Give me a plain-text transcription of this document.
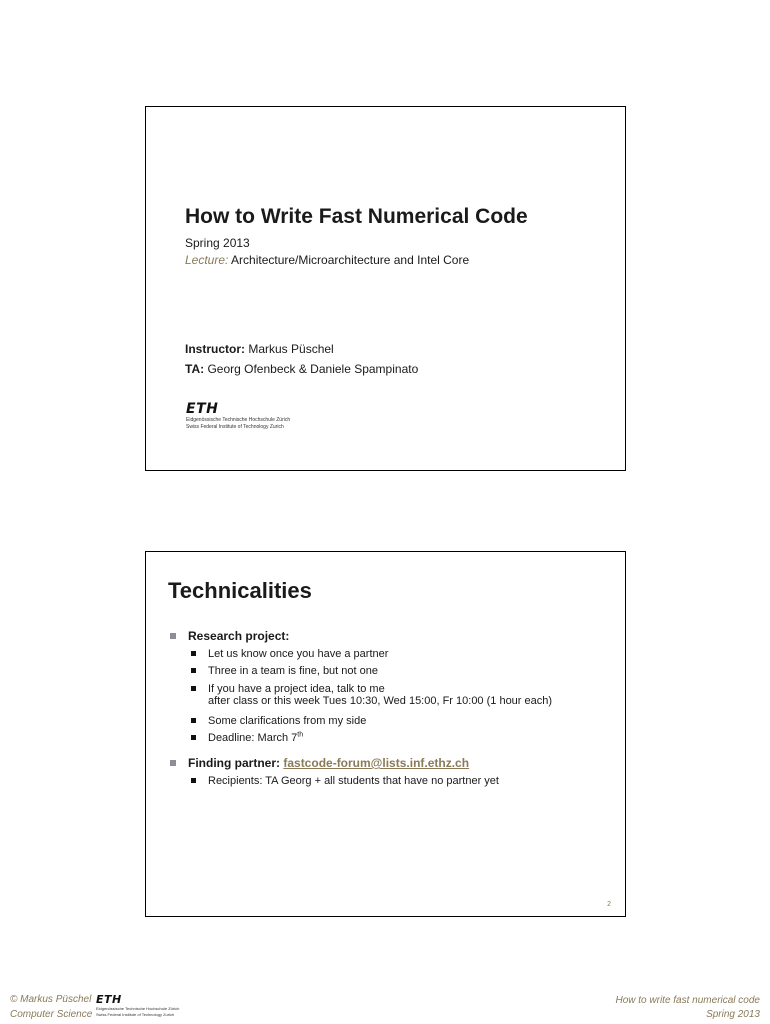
How to Write Fast Numerical Code
Spring 2013
Lecture: Architecture/Microarchitecture and Intel Core
Instructor: Markus Püschel
TA: Georg Ofenbeck & Daniele Spampinato
ETH
Eidgenössische Technische Hochschule Zürich
Swiss Federal Institute of Technology Zurich
Technicalities
Research project:
Let us know once you have a partner
Three in a team is fine, but not one
If you have a project idea, talk to me
after class or this week Tues 10:30, Wed 15:00, Fr 10:00 (1 hour each)
Some clarifications from my side
Deadline: March 7th
Finding partner: fastcode-forum@lists.inf.ethz.ch
Recipients: TA Georg + all students that have no partner yet
2
© Markus Püschel
Computer Science
ETH
Eidgenössische Technische Hochschule Zürich
Swiss Federal Institute of Technology Zurich
How to write fast numerical code
Spring 2013
